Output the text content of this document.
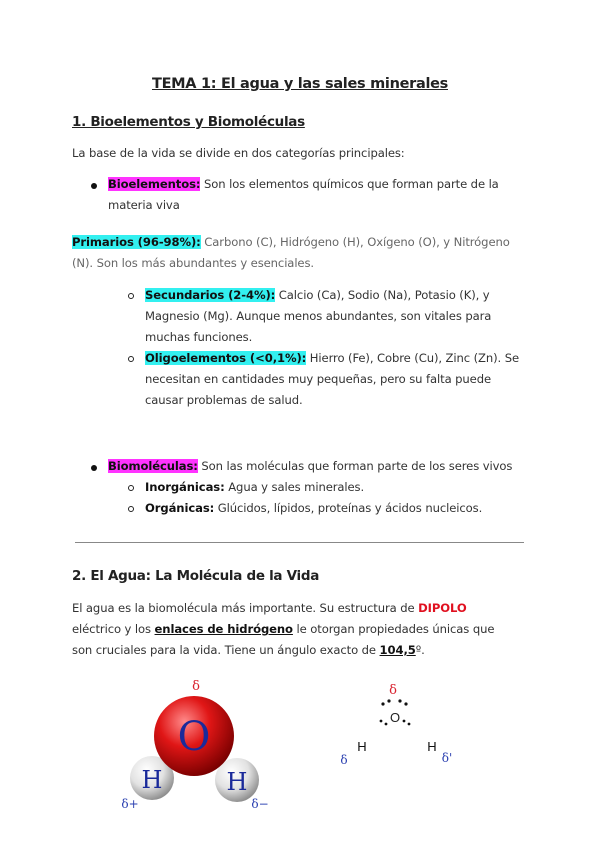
TEMA 1: El agua y las sales minerales
1. Bioelementos y Biomoléculas
La base de la vida se divide en dos categorías principales:
Bioelementos: Son los elementos químicos que forman parte de la
materia viva
Primarios (96-98%): Carbono (C), Hidrógeno (H), Oxígeno (O), y Nitrógeno
(N). Son los más abundantes y esenciales.
Secundarios (2-4%): Calcio (Ca), Sodio (Na), Potasio (K), y
Magnesio (Mg). Aunque menos abundantes, son vitales para
muchas funciones.
Oligoelementos (<0,1%): Hierro (Fe), Cobre (Cu), Zinc (Zn). Se
necesitan en cantidades muy pequeñas, pero su falta puede
causar problemas de salud.
Biomoléculas: Son las moléculas que forman parte de los seres vivos
Inorgánicas: Agua y sales minerales.
Orgánicas: Glúcidos, lípidos, proteínas y ácidos nucleicos.
2. El Agua: La Molécula de la Vida
El agua es la biomolécula más importante. Su estructura de DIPOLO
eléctrico y los enlaces de hidrógeno le otorgan propiedades únicas que
son cruciales para la vida. Tiene un ángulo exacto de 104,5º.
O
H	H
δ
δ+	δ−
δ
O
H	H
δ	δ'
